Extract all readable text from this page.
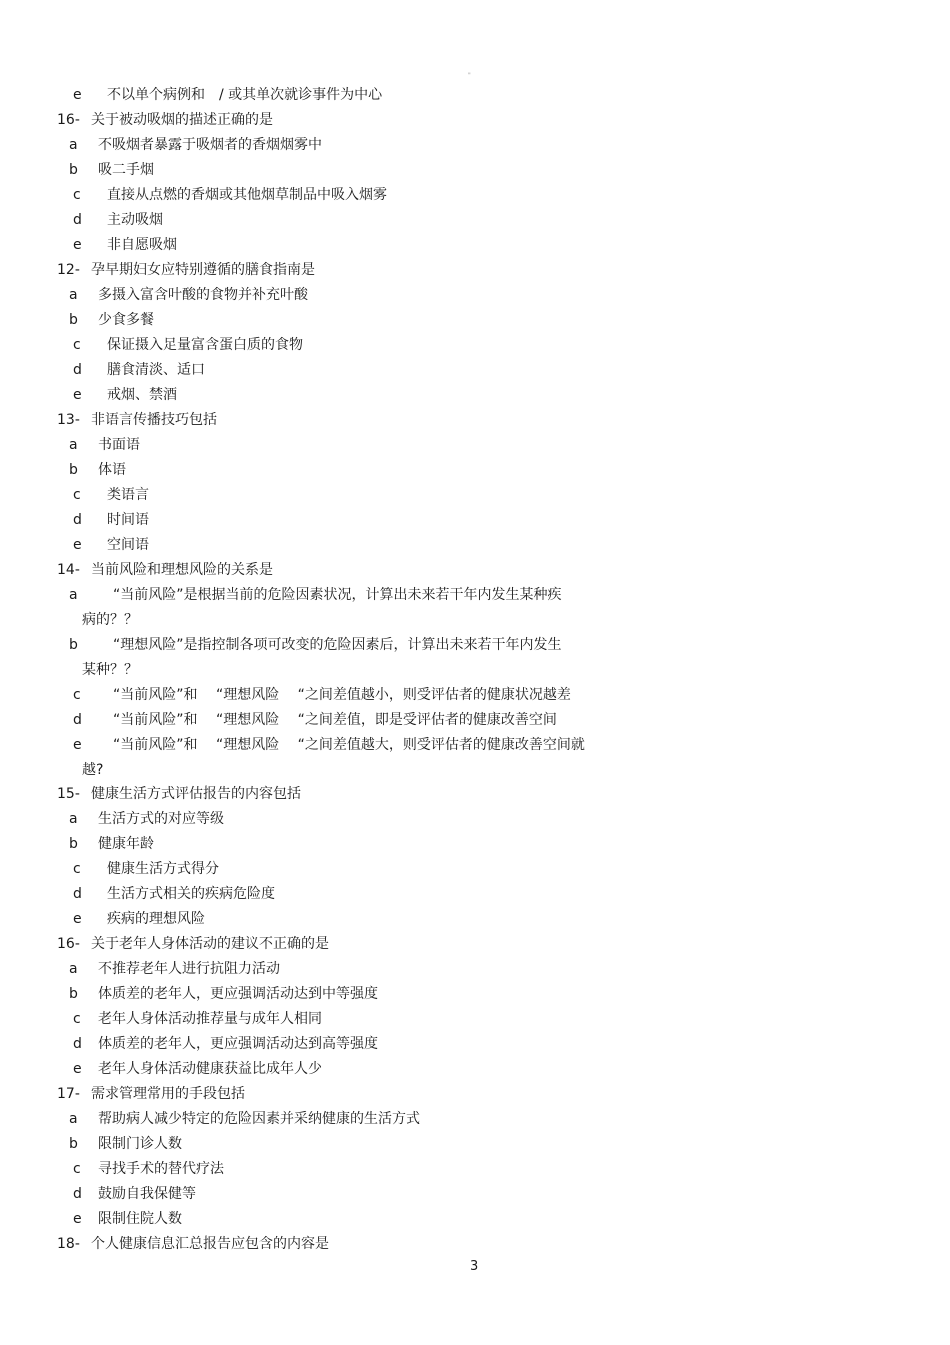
"
e 不以单个病例和　/ 或其单次就诊事件为中心
16- 关于被动吸烟的描述正确的是
a 不吸烟者暴露于吸烟者的香烟烟雾中
b 吸二手烟
c 直接从点燃的香烟或其他烟草制品中吸入烟雾
d 主动吸烟
e 非自愿吸烟
12- 孕早期妇女应特别遵循的膳食指南是
a 多摄入富含叶酸的食物并补充叶酸
b 少食多餐
c 保证摄入足量富含蛋白质的食物
d 膳食清淡、适口
e 戒烟、禁酒
13- 非语言传播技巧包括
a 书面语
b 体语
c 类语言
d 时间语
e 空间语
14- 当前风险和理想风险的关系是
a	“当前风险”是根据当前的危险因素状况，计算出未来若干年内发生某种疾
病的？？
b	“理想风险”是指控制各项可改变的危险因素后，计算出未来若干年内发生
某种？？
c “当前风险”和　 “理想风险　 “之间差值越小，则受评估者的健康状况越差
d “当前风险”和　 “理想风险　 “之间差值，即是受评估者的健康改善空间
e “当前风险”和　 “理想风险　 “之间差值越大，则受评估者的健康改善空间就
越?
15- 健康生活方式评估报告的内容包括
a 生活方式的对应等级
b 健康年龄
c 健康生活方式得分
d 生活方式相关的疾病危险度
e 疾病的理想风险
16- 关于老年人身体活动的建议不正确的是
a 不推荐老年人进行抗阻力活动
b 体质差的老年人，更应强调活动达到中等强度
c 老年人身体活动推荐量与成年人相同
d 体质差的老年人，更应强调活动达到高等强度
e 老年人身体活动健康获益比成年人少
17- 需求管理常用的手段包括
a 帮助病人减少特定的危险因素并采纳健康的生活方式
b 限制门诊人数
c 寻找手术的替代疗法
d 鼓励自我保健等
e 限制住院人数
18- 个人健康信息汇总报告应包含的内容是
3
